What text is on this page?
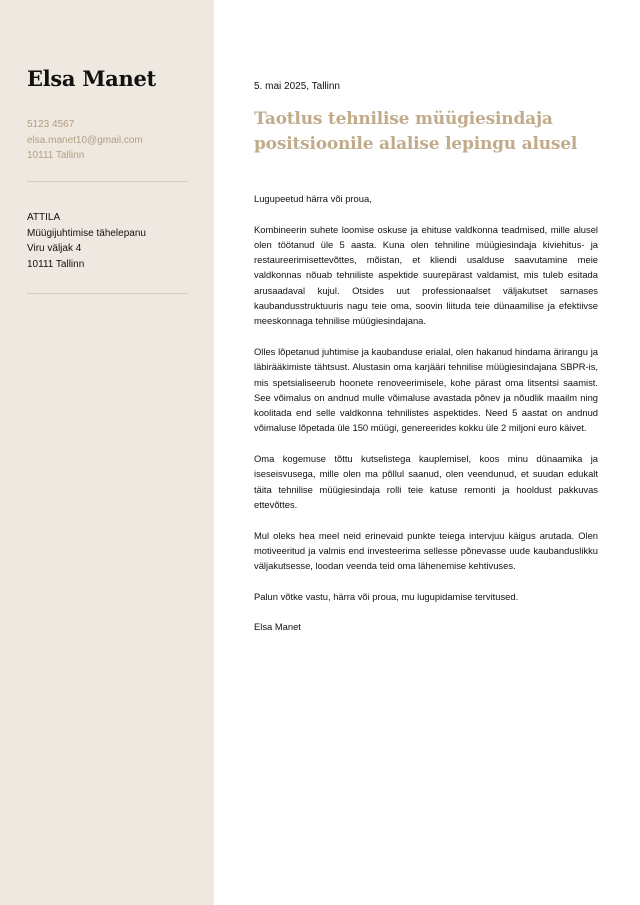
Elsa Manet
5123 4567
elsa.manet10@gmail.com
10111 Tallinn
ATTILA
Müügijuhtimise tähelepanu
Viru väljak 4
10111 Tallinn
5. mai 2025, Tallinn
Taotlus tehnilise müügiesindaja positsioonile alalise lepingu alusel

Lugupeetud härra või proua,

Kombineerin suhete loomise oskuse ja ehituse valdkonna teadmised, mille alusel olen töötanud üle 5 aasta. Kuna olen tehniline müügiesindaja kiviehitus- ja restaureerimisettevõttes, mõistan, et kliendi usalduse saavutamine meie valdkonnas nõuab tehniliste aspektide suurepärast valdamist, mis tuleb esitada arusaadaval kujul. Otsides uut professionaalset väljakutset sarnases kaubandusstruktuuris nagu teie oma, soovin liituda teie dünaamilise ja efektiivse meeskonnaga tehnilise müügiesindajana.

Olles lõpetanud juhtimise ja kaubanduse erialal, olen hakanud hindama ärirangu ja läbirääkimiste tähtsust. Alustasin oma karjääri tehnilise müügiesindajana SBPR-is, mis spetsialiseerub hoonete renoveerimisele, kohe pärast oma litsentsi saamist. See võimalus on andnud mulle võimaluse avastada põnev ja nõudlik maailm ning koolitada end selle valdkonna tehnilistes aspektides. Need 5 aastat on andnud võimaluse lõpetada üle 150 müügi, genereerides kokku üle 2 miljoni euro käivet.

Oma kogemuse tõttu kutselistega kauplemisel, koos minu dünaamika ja iseseisvusega, mille olen ma põllul saanud, olen veendunud, et suudan edukalt täita tehnilise müügiesindaja rolli teie katuse remonti ja hooldust pakkuvas ettevõttes.

Mul oleks hea meel neid erinevaid punkte teiega intervjuu käigus arutada. Olen motiveeritud ja valmis end investeerima sellesse põnevasse uude kaubanduslikku väljakutsesse, loodan veenda teid oma lähenemise kehtivuses.

Palun võtke vastu, härra või proua, mu lugupidamise tervitused.

Elsa Manet
